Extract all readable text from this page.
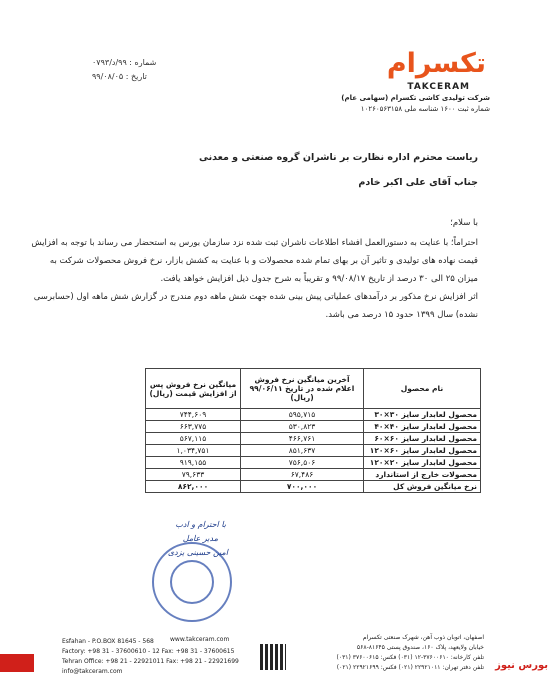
شماره : ۹۹/د/۰۷۹۳
تاریخ : ۹۹/۰۸/۰۵	تکسرام
TAKCERAM
شرکت تولیدی کاشی تکسرام (سهامی عام)
شماره ثبت ۱۶۰۰ شناسه ملی ۱۰۲۶۰۵۶۳۱۵۸
ریاست محترم اداره نظارت بر ناشران گروه صنعتی و معدنی
جناب آقای علی اکبر خادم
با سلام؛
احتراماً؛ با عنایت به دستورالعمل افشاء اطلاعات ناشران ثبت شده نزد سازمان بورس به استحضار می رساند با توجه به افزایش
قیمت نهاده های تولیدی و تاثیر آن بر بهای تمام شده محصولات و با عنایت به کشش بازار، نرخ فروش محصولات شرکت به
میزان ۲۵ الی ۳۰ درصد از تاریخ ۹۹/۰۸/۱۷ و تقریباً به شرح جدول ذیل افزایش خواهد یافت.
اثر افزایش نرخ مذکور بر درآمدهای عملیاتی پیش بینی شده جهت شش ماهه دوم مندرج در گزارش شش ماهه اول (حسابرسی
نشده) سال ۱۳۹۹ حدود ۱۵ درصد می باشد.
نام محصول	آخرین میانگین نرخ فروش اعلام شده در تاریخ ۹۹/۰۶/۱۱ (ریال)	میانگین نرخ فروش پس از افزایش قیمت (ریال)
محصول لعابدار سایز ۳۰×۳۰	۵۹۵,۷۱۵	۷۴۴,۶۰۹
محصول لعابدار سایز ۴۰×۴۰	۵۳۰,۸۲۳	۶۶۳,۷۷۵
محصول لعابدار سایز ۶۰×۶۰	۴۶۶,۷۶۱	۵۶۷,۱۱۵
محصول لعابدار سایز ۶۰×۱۲۰	۸۵۱,۶۳۷	۱,۰۳۴,۷۵۱
محصول لعابدار سایز ۲۰×۱۲۰	۷۵۶,۵۰۶	۹۱۹,۱۵۵
محصولات خارج از استاندارد	۶۷,۴۸۶	۷۹,۶۳۳
نرخ میانگین فروش کل	۷۰۰,۰۰۰	۸۶۲,۰۰۰
با احترام و ادب
مدیر عامل
امین حسینی یزدی
Esfahan - P.O.BOX 81645 - 568
Factory: +98 31 - 37600610 - 12 Fax: +98 31 - 37600615
Tehran Office: +98 21 - 22921011 Fax: +98 21 - 22921699
www.takceram.com
info@takceram.com
اصفهان، اتوبان ذوب آهن، شهرک صنعتی تکسرام
خیابان ولایعهد، پلاک ۱۶۰، صندوق پستی ۸۱۶۴۵-۵۶۸
تلفن کارخانه: ۳۷۶۰۰۶۱۰-۱۲ (۰۳۱) فکس: ۳۷۶۰۰۶۱۵ (۰۳۱)
تلفن دفتر تهران: ۲۲۹۲۱۰۱۱ (۰۲۱) فکس: ۲۲۹۲۱۶۹۹ (۰۲۱) بورس نیوز
